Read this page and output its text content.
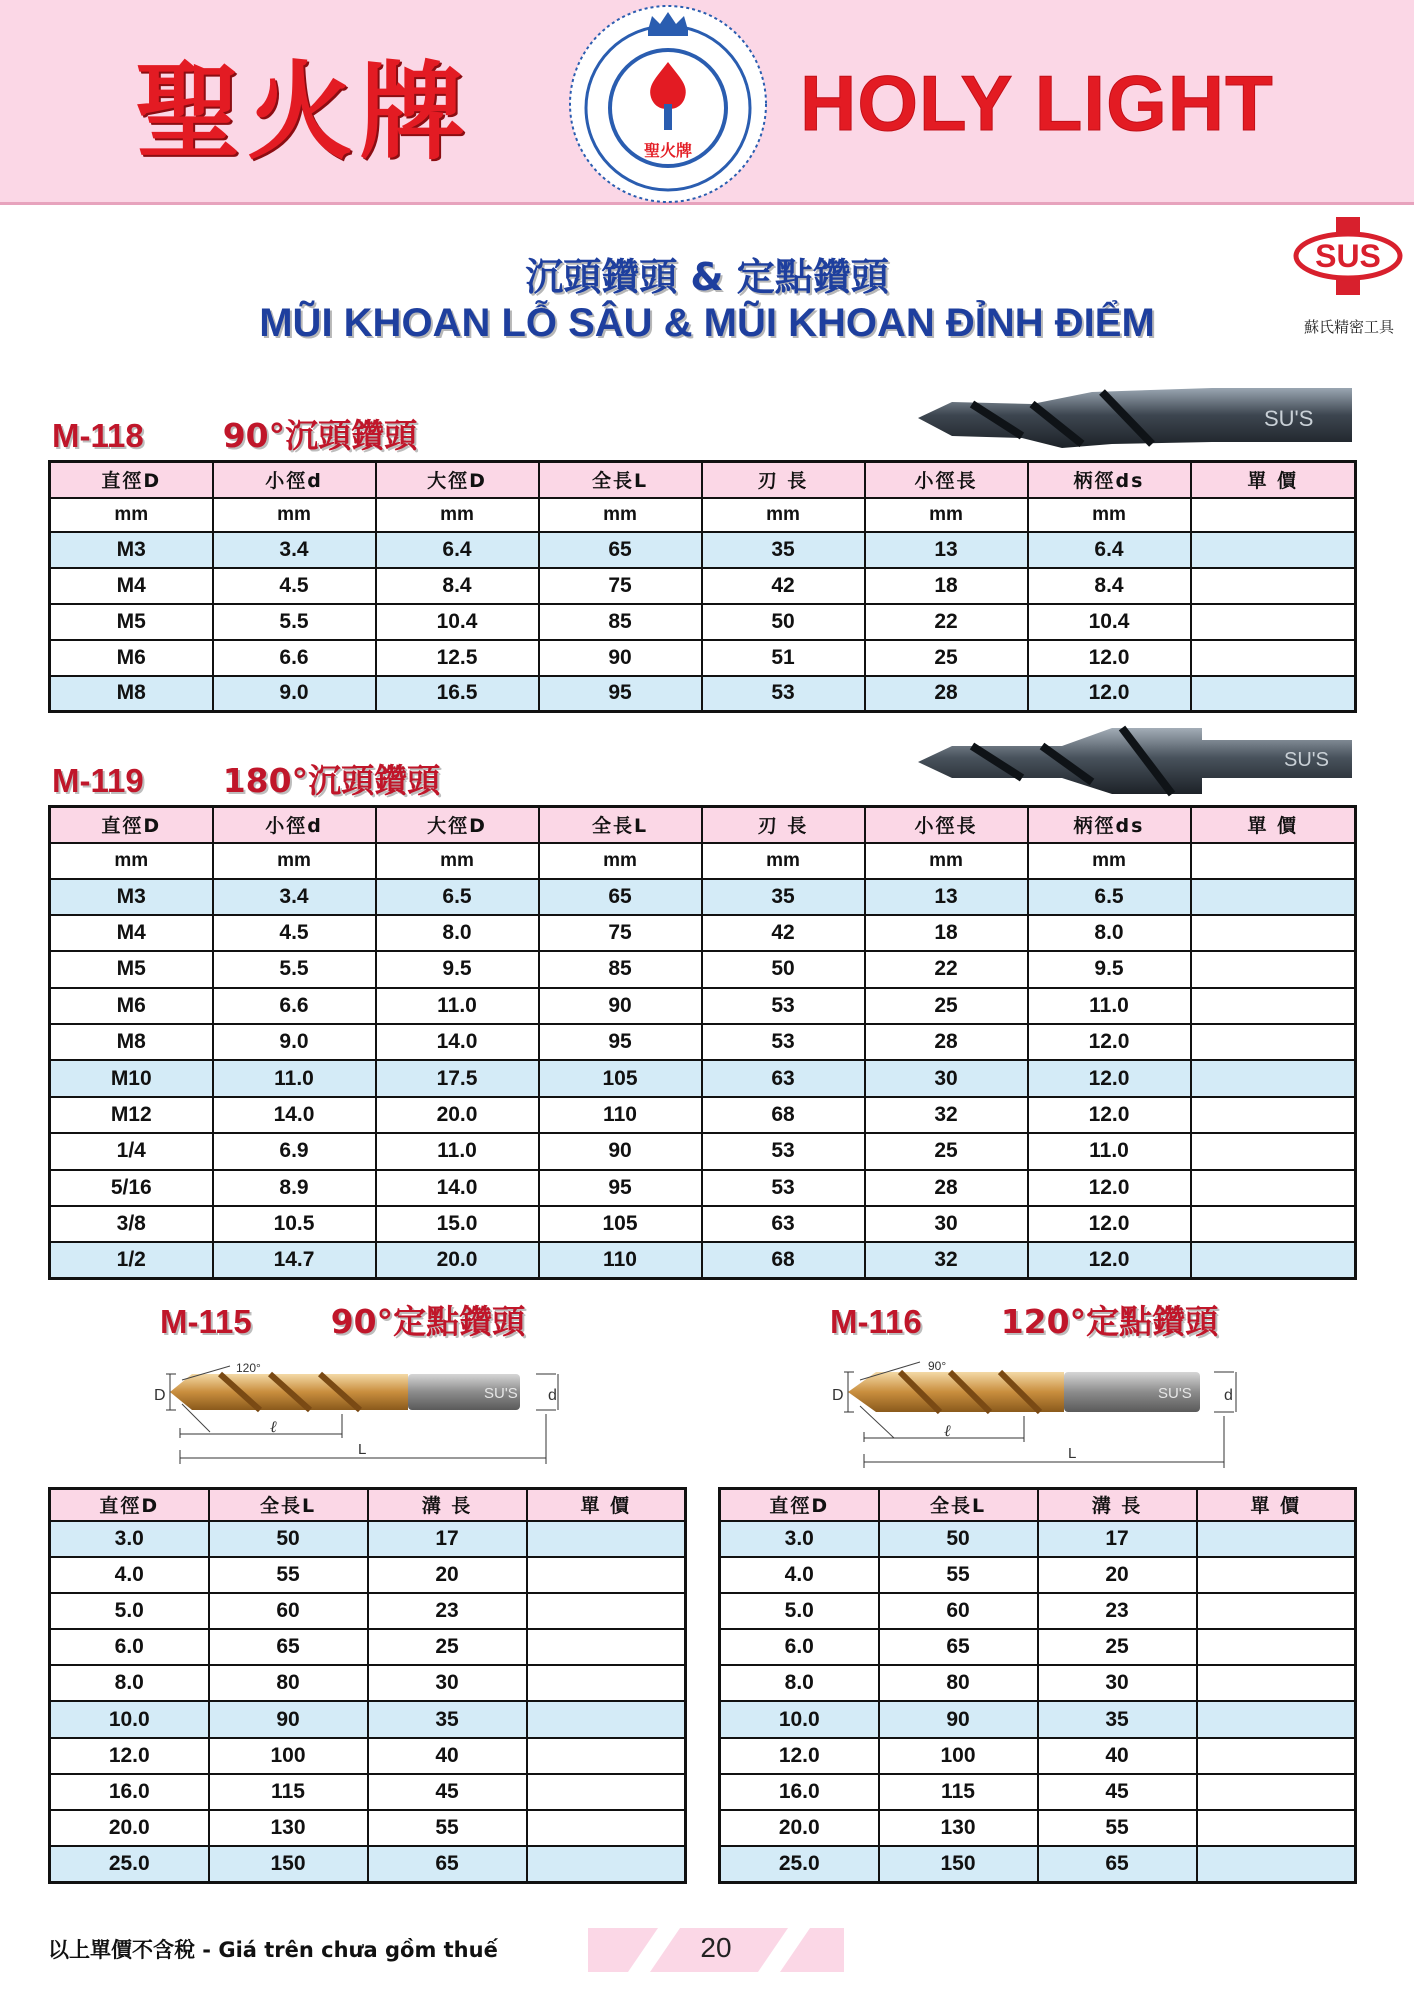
聖火牌	聖火牌
HOLY LIGHT
沉頭鑽頭 & 定點鑽頭
MŨI KHOAN LỖ SÂU & MŨI KHOAN ĐỈNH ĐIỂM
SUS
蘇氏精密工具
M-118 90°沉頭鑽頭	SU'S
直徑D	小徑d	大徑D	全長L	刃 長	小徑長	柄徑ds	單 價
mm	mm	mm	mm	mm	mm	mm	
M3	3.4	6.4	65	35	13	6.4	
M4	4.5	8.4	75	42	18	8.4	
M5	5.5	10.4	85	50	22	10.4	
M6	6.6	12.5	90	51	25	12.0	
M8	9.0	16.5	95	53	28	12.0	
M-119 180°沉頭鑽頭
SU'S
直徑D	小徑d	大徑D	全長L	刃 長	小徑長	柄徑ds	單 價
mm	mm	mm	mm	mm	mm	mm	
M3	3.4	6.5	65	35	13	6.5	
M4	4.5	8.0	75	42	18	8.0	
M5	5.5	9.5	85	50	22	9.5	
M6	6.6	11.0	90	53	25	11.0	
M8	9.0	14.0	95	53	28	12.0	
M10	11.0	17.5	105	63	30	12.0	
M12	14.0	20.0	110	68	32	12.0	
1/4	6.9	11.0	90	53	25	11.0	
5/16	8.9	14.0	95	53	28	12.0	
3/8	10.5	15.0	105	63	30	12.0	
1/2	14.7	20.0	110	68	32	12.0	
M-115 90°定點鑽頭
SU'S
120°
D	d
ℓ
L
直徑D	全長L	溝 長	單 價
3.0	50	17	
4.0	55	20	
5.0	60	23	
6.0	65	25	
8.0	80	30	
10.0	90	35	
12.0	100	40	
16.0	115	45	
20.0	130	55	
25.0	150	65	
M-116 120°定點鑽頭
SU'S
90°
D	d
ℓ
L
直徑D	全長L	溝 長	單 價
3.0	50	17	
4.0	55	20	
5.0	60	23	
6.0	65	25	
8.0	80	30	
10.0	90	35	
12.0	100	40	
16.0	115	45	
20.0	130	55	
25.0	150	65	
以上單價不含稅 - Giá trên chưa gồm thuế	20
